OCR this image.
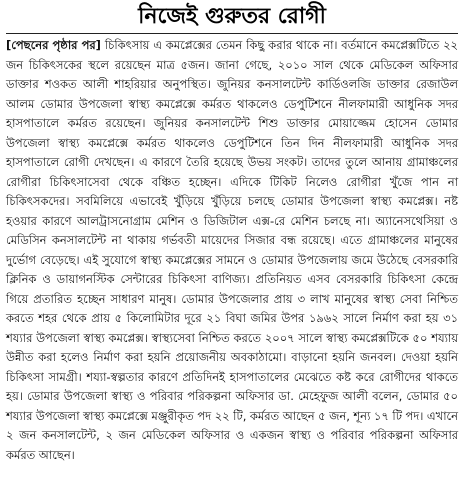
নিজেই গুরুতর রোগী
[পেছনের পৃষ্ঠার পর] চিকিৎসায় এ কমপ্লেক্সের তেমন কিছু করার থাকে না। বর্তমানে কমপ্লেক্সটিতে ২২ জন চিকিৎসকের স্থলে রয়েছেন মাত্র ৫জন। জানা গেছে, ২০১০ সাল থেকে মেডিকেল অফিসার ডাক্তার শওকত আলী শাহরিয়ার অনুপস্থিত। জুনিয়র কনসালটেন্ট কার্ডিওলজি ডাক্তার রেজাউল আলম ডোমার উপজেলা স্বাস্থ্য কমপ্লেক্সে কর্মরত থাকলেও ডেপুটিশনে নীলফামারী আধুনিক সদর হাসপাতালে কর্মরত রয়েছেন। জুনিয়র কনসালটেন্ট শিশু ডাক্তার মোয়াজ্জেম হোসেন ডোমার উপজেলা স্বাস্থ্য কমপ্লেক্সে কর্মরত থাকলেও ডেপুটিশনে তিন দিন নীলফামারী আধুনিক সদর হাসপাতালে রোগী দেখছেন। এ কারণে তৈরি হয়েছে উভয় সংকট। তাদের তুলে আনায় গ্রামাঞ্চলের রোগীরা চিকিৎসাসেবা থেকে বঞ্চিত হচ্ছেন। এদিকে টিকিট নিলেও রোগীরা খুঁজে পান না চিকিৎসকদের। সবমিলিয়ে এভাবেই খুঁড়িয়ে খুঁড়িয়ে চলছে ডোমার উপজেলা স্বাস্থ্য কমপ্লেক্স। নষ্ট হওয়ার কারণে আলট্রাসনোগ্রাম মেশিন ও ডিজিটাল এক্স-রে মেশিন চলছে না। অ্যানেসথেসিয়া ও মেডিসিন কনসালটেন্ট না থাকায় গর্ভবতী মায়েদের সিজার বন্ধ রয়েছে। এতে গ্রামাঞ্চলের মানুষের দুর্ভোগ বেড়েছে। এই সুযোগে স্বাস্থ্য কমপ্লেক্সের সামনে ও ডোমার উপজেলায় জমে উঠেছে বেসরকারি ক্লিনিক ও ডায়াগনস্টিক সেন্টারের চিকিৎসা বাণিজ্য। প্রতিনিয়ত এসব বেসরকারি চিকিৎসা কেন্দ্রে গিয়ে প্রতারিত হচ্ছেন সাধারণ মানুষ। ডোমার উপজেলার প্রায় ৩ লাখ মানুষের স্বাস্থ্য সেবা নিশ্চিত করতে শহর থেকে প্রায় ৫ কিলোমিটার দূরে ২১ বিঘা জমির উপর ১৯৬২ সালে নির্মাণ করা হয় ৩১ শয্যার উপজেলা স্বাস্থ্য কমপ্লেক্স। স্বাস্থ্যসেবা নিশ্চিত করতে ২০০৭ সালে স্বাস্থ্য কমপ্লেক্সটিকে ৫০ শয্যায় উন্নীত করা হলেও নির্মাণ করা হয়নি প্রয়োজনীয় অবকাঠামো। বাড়ানো হয়নি জনবল। দেওয়া হয়নি চিকিৎসা সামগ্রী। শয্যা-স্বল্পতার কারণে প্রতিদিনই হাসপাতালের মেঝেতে কষ্ট করে রোগীদের থাকতে হয়। ডোমার উপজেলা স্বাস্থ্য ও পরিবার পরিকল্পনা অফিসার ডা. মেহেফুজ আলী বলেন, ডোমার ৫০ শয্যার উপজেলা স্বাস্থ্য কমপ্লেক্সে মঞ্জুরীকৃত পদ ২২ টি, কর্মরত আছেন ৫ জন, শূন্য ১৭ টি পদ। এখানে ২ জন কনসালটেন্ট, ২ জন মেডিকেল অফিসার ও একজন স্বাস্থ্য ও পরিবার পরিকল্পনা অফিসার কর্মরত আছেন।
